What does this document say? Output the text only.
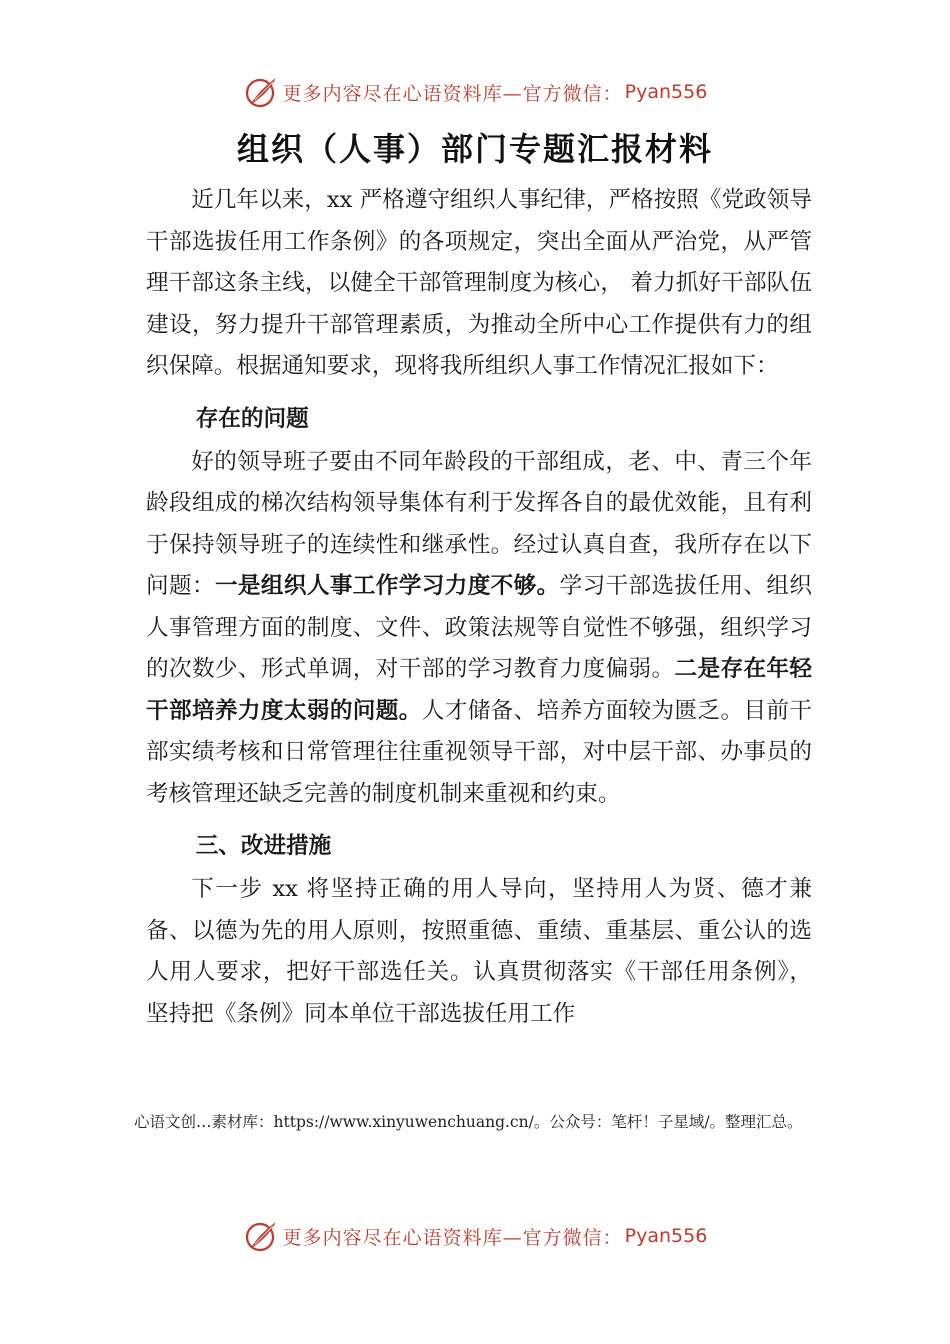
更多内容尽在心语资料库—官方微信： Pyan556
组织（人事）部门专题汇报材料

近几年以来，xx 严格遵守组织人事纪律，严格按照《党政领导干部选拔任用工作条例》的各项规定，突出全面从严治党，从严管理干部这条主线，以健全干部管理制度为核心， 着力抓好干部队伍建设，努力提升干部管理素质，为推动全所中心工作提供有力的组织保障。根据通知要求，现将我所组织人事工作情况汇报如下：

存在的问题

好的领导班子要由不同年龄段的干部组成，老、中、青三个年龄段组成的梯次结构领导集体有利于发挥各自的最优效能，且有利于保持领导班子的连续性和继承性。经过认真自查，我所存在以下问题：一是组织人事工作学习力度不够。学习干部选拔任用、组织人事管理方面的制度、文件、政策法规等自觉性不够强，组织学习的次数少、形式单调，对干部的学习教育力度偏弱。二是存在年轻干部培养力度太弱的问题。人才储备、培养方面较为匮乏。目前干部实绩考核和日常管理往往重视领导干部，对中层干部、办事员的考核管理还缺乏完善的制度机制来重视和约束。

三、改进措施

下一步 xx 将坚持正确的用人导向，坚持用人为贤、德才兼备、以德为先的用人原则，按照重德、重绩、重基层、重公认的选人用人要求，把好干部选任关。认真贯彻落实《干部任用条例》，坚持把《条例》同本单位干部选拔任用工作

心语文创…素材库：https://www.xinyuwenchuang.cn/。公众号：笔杆！子星域/。整理汇总。
更多内容尽在心语资料库—官方微信： Pyan556
